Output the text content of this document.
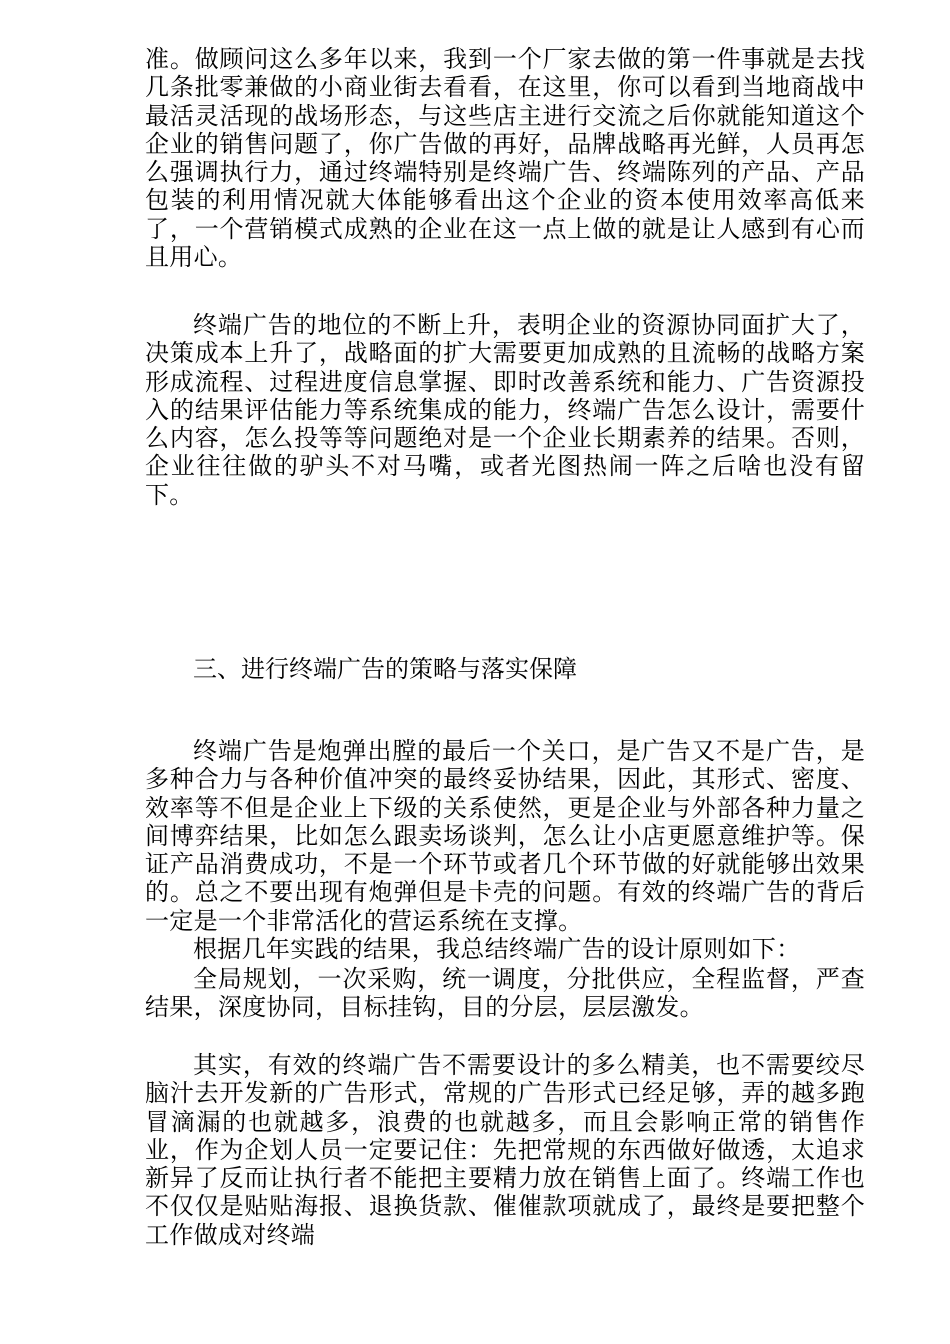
准。做顾问这么多年以来，我到一个厂家去做的第一件事就是去找几条批零兼做的小商业街去看看，在这里，你可以看到当地商战中最活灵活现的战场形态，与这些店主进行交流之后你就能知道这个企业的销售问题了，你广告做的再好，品牌战略再光鲜，人员再怎么强调执行力，通过终端特别是终端广告、终端陈列的产品、产品包装的利用情况就大体能够看出这个企业的资本使用效率高低来了，一个营销模式成熟的企业在这一点上做的就是让人感到有心而且用心。

终端广告的地位的不断上升，表明企业的资源协同面扩大了，决策成本上升了，战略面的扩大需要更加成熟的且流畅的战略方案形成流程、过程进度信息掌握、即时改善系统和能力、广告资源投入的结果评估能力等系统集成的能力，终端广告怎么设计，需要什么内容，怎么投等等问题绝对是一个企业长期素养的结果。否则，企业往往做的驴头不对马嘴，或者光图热闹一阵之后啥也没有留下。

三、进行终端广告的策略与落实保障

终端广告是炮弹出膛的最后一个关口，是广告又不是广告，是多种合力与各种价值冲突的最终妥协结果，因此，其形式、密度、效率等不但是企业上下级的关系使然，更是企业与外部各种力量之间博弈结果，比如怎么跟卖场谈判，怎么让小店更愿意维护等。保证产品消费成功，不是一个环节或者几个环节做的好就能够出效果的。总之不要出现有炮弹但是卡壳的问题。有效的终端广告的背后一定是一个非常活化的营运系统在支撑。

根据几年实践的结果，我总结终端广告的设计原则如下：

全局规划，一次采购，统一调度，分批供应，全程监督，严查结果，深度协同，目标挂钩，目的分层，层层激发。

其实，有效的终端广告不需要设计的多么精美，也不需要绞尽脑汁去开发新的广告形式，常规的广告形式已经足够，弄的越多跑冒滴漏的也就越多，浪费的也就越多，而且会影响正常的销售作业，作为企划人员一定要记住：先把常规的东西做好做透，太追求新异了反而让执行者不能把主要精力放在销售上面了。终端工作也不仅仅是贴贴海报、退换货款、催催款项就成了，最终是要把整个工作做成对终端
